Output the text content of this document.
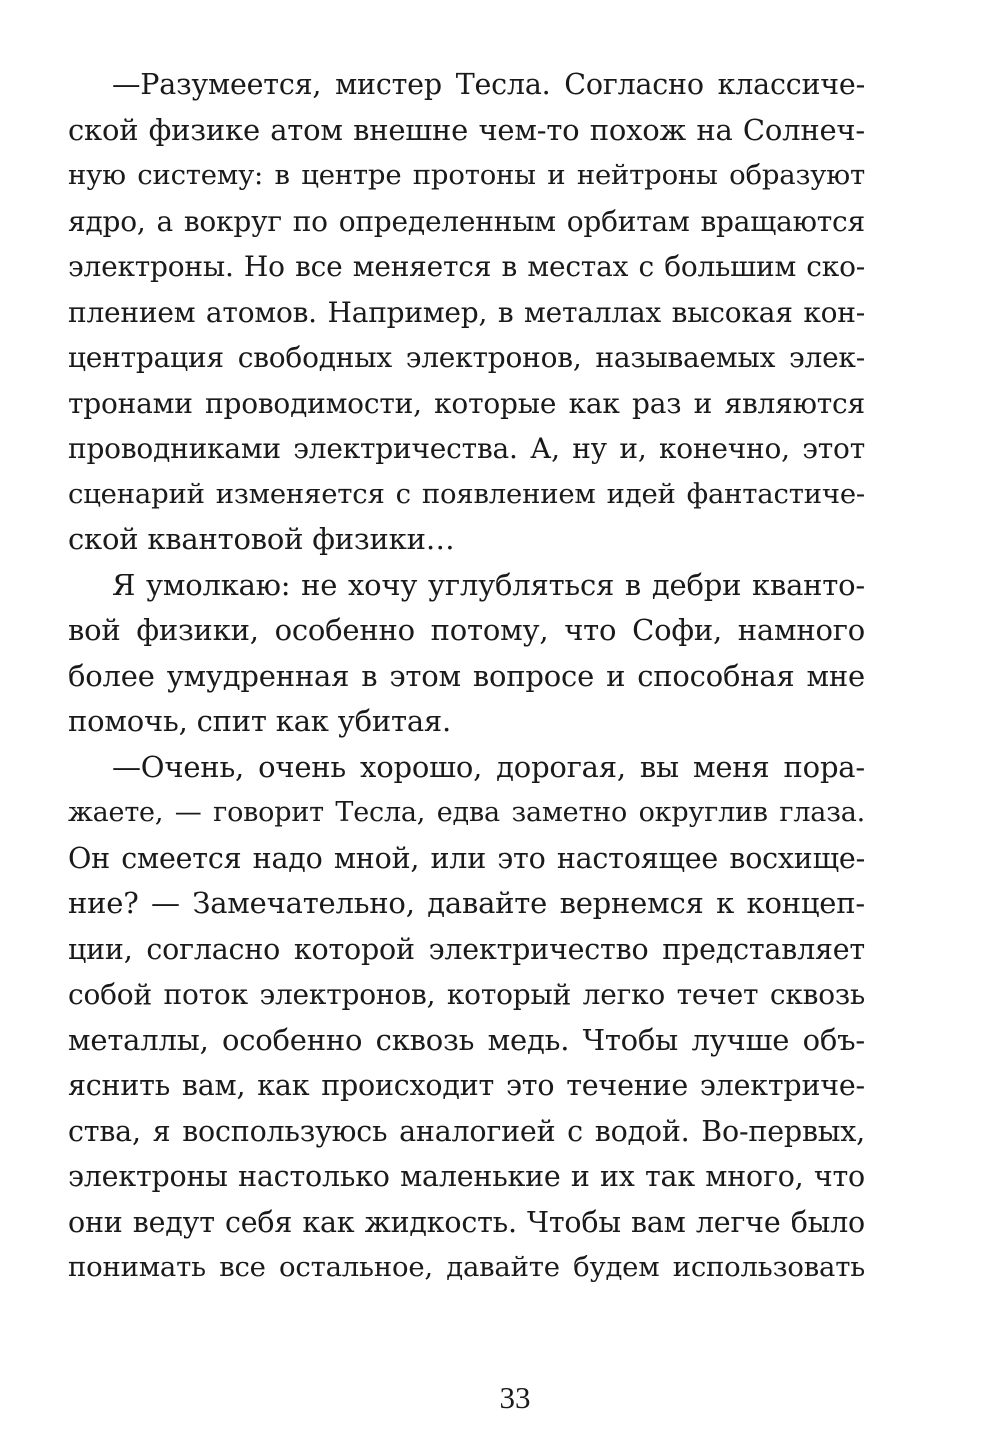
—Разумеется, мистер Тесла. Согласно классиче-
ской физике атом внешне чем-то похож на Солнеч-
ную систему: в центре протоны и нейтроны образуют
ядро, а вокруг по определенным орбитам вращаются
электроны. Но все меняется в местах с большим ско-
плением атомов. Например, в металлах высокая кон-
центрация свободных электронов, называемых элек-
тронами проводимости, которые как раз и являются
проводниками электричества. А, ну и, конечно, этот
сценарий изменяется с появлением идей фантастиче-
ской квантовой физики…
Я умолкаю: не хочу углубляться в дебри кванто-
вой физики, особенно потому, что Софи, намного
более умудренная в этом вопросе и способная мне
помочь, спит как убитая.
—Очень, очень хорошо, дорогая, вы меня пора-
жаете, — говорит Тесла, едва заметно округлив глаза.
Он смеется надо мной, или это настоящее восхище-
ние? — Замечательно, давайте вернемся к концеп-
ции, согласно которой электричество представляет
собой поток электронов, который легко течет сквозь
металлы, особенно сквозь медь. Чтобы лучше объ-
яснить вам, как происходит это течение электриче-
ства, я воспользуюсь аналогией с водой. Во-первых,
электроны настолько маленькие и их так много, что
они ведут себя как жидкость. Чтобы вам легче было
понимать все остальное, давайте будем использовать
33
